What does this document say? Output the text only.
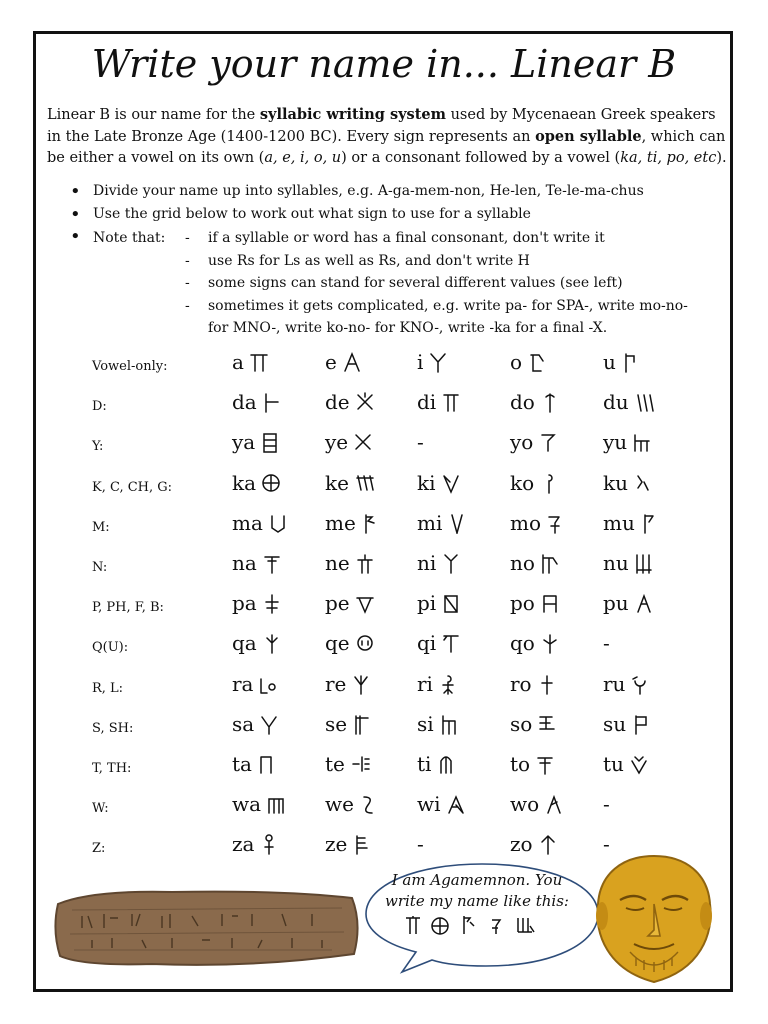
Write your name in... Linear B
Linear B is our name for the syllabic writing system used by Mycenaean Greek speakers in the Late Bronze Age (1400-1200 BC). Every sign represents an open syllable, which can be either a vowel on its own (a, e, i, o, u) or a consonant followed by a vowel (ka, ti, po, etc).
• Divide your name up into syllables, e.g. A-ga-mem-non, He-len, Te-le-ma-chus
• Use the grid below to work out what sign to use for a syllable
• Note that:	-	if a syllable or word has a final consonant, don't write it
-	use Rs for Ls as well as Rs, and don't write H
-	some signs can stand for several different values (see left)
-	sometimes it gets complicated, e.g. write pa- for SPA-, write mo-no-
for MNO-, write ko-no- for KNO-, write -ka for a final -X.
Vowel-only:	a	e	i	o	u
D:	da	de	di	do	du
Y:	ya	ye	-	yo	yu
K, C, CH, G:	ka	ke	ki	ko	ku
M:	ma	me	mi	mo	mu
N:	na	ne	ni	no	nu
P, PH, F, B:	pa	pe	pi	po	pu
Q(U):	qa	qe	qi	qo	-
R, L:	ra	re	ri	ro	ru
S, SH:	sa	se	si	so	su
T, TH:	ta	te	ti	to	tu
W:	wa	we	wi	wo	-
Z:	za	ze	-	zo	-
I am Agamemnon. You
write my name like this:
